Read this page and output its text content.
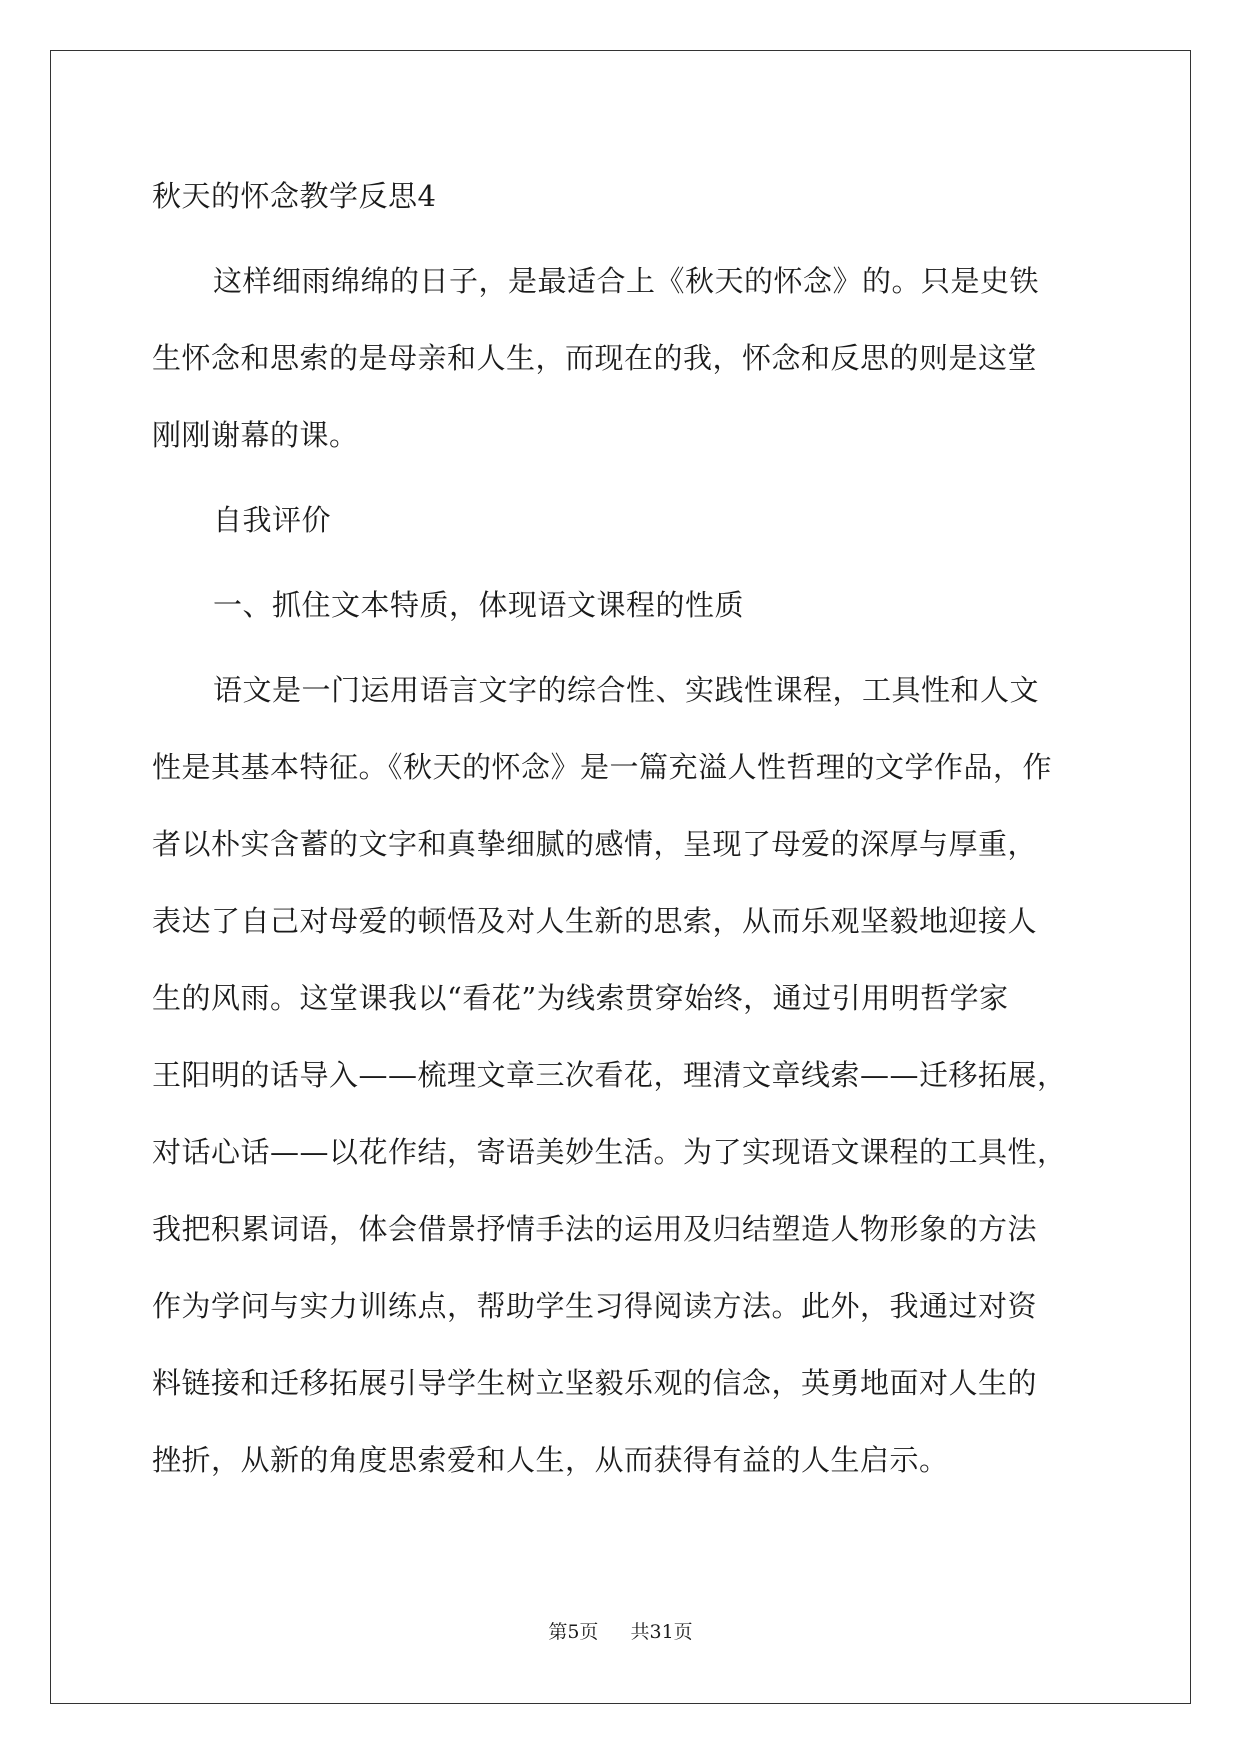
秋天的怀念教学反思4
这样细雨绵绵的日子，是最适合上《秋天的怀念》的。只是史铁
生怀念和思索的是母亲和人生，而现在的我，怀念和反思的则是这堂
刚刚谢幕的课。
自我评价
一、抓住文本特质，体现语文课程的性质
语文是一门运用语言文字的综合性、实践性课程，工具性和人文
性是其基本特征。《秋天的怀念》是一篇充溢人性哲理的文学作品，作
者以朴实含蓄的文字和真挚细腻的感情，呈现了母爱的深厚与厚重，
表达了自己对母爱的顿悟及对人生新的思索，从而乐观坚毅地迎接人
生的风雨。这堂课我以“看花”为线索贯穿始终，通过引用明哲学家
王阳明的话导入——梳理文章三次看花，理清文章线索——迁移拓展，
对话心话——以花作结，寄语美妙生活。为了实现语文课程的工具性，
我把积累词语，体会借景抒情手法的运用及归结塑造人物形象的方法
作为学问与实力训练点，帮助学生习得阅读方法。此外，我通过对资
料链接和迁移拓展引导学生树立坚毅乐观的信念，英勇地面对人生的
挫折，从新的角度思索爱和人生，从而获得有益的人生启示。
第5页 共31页
